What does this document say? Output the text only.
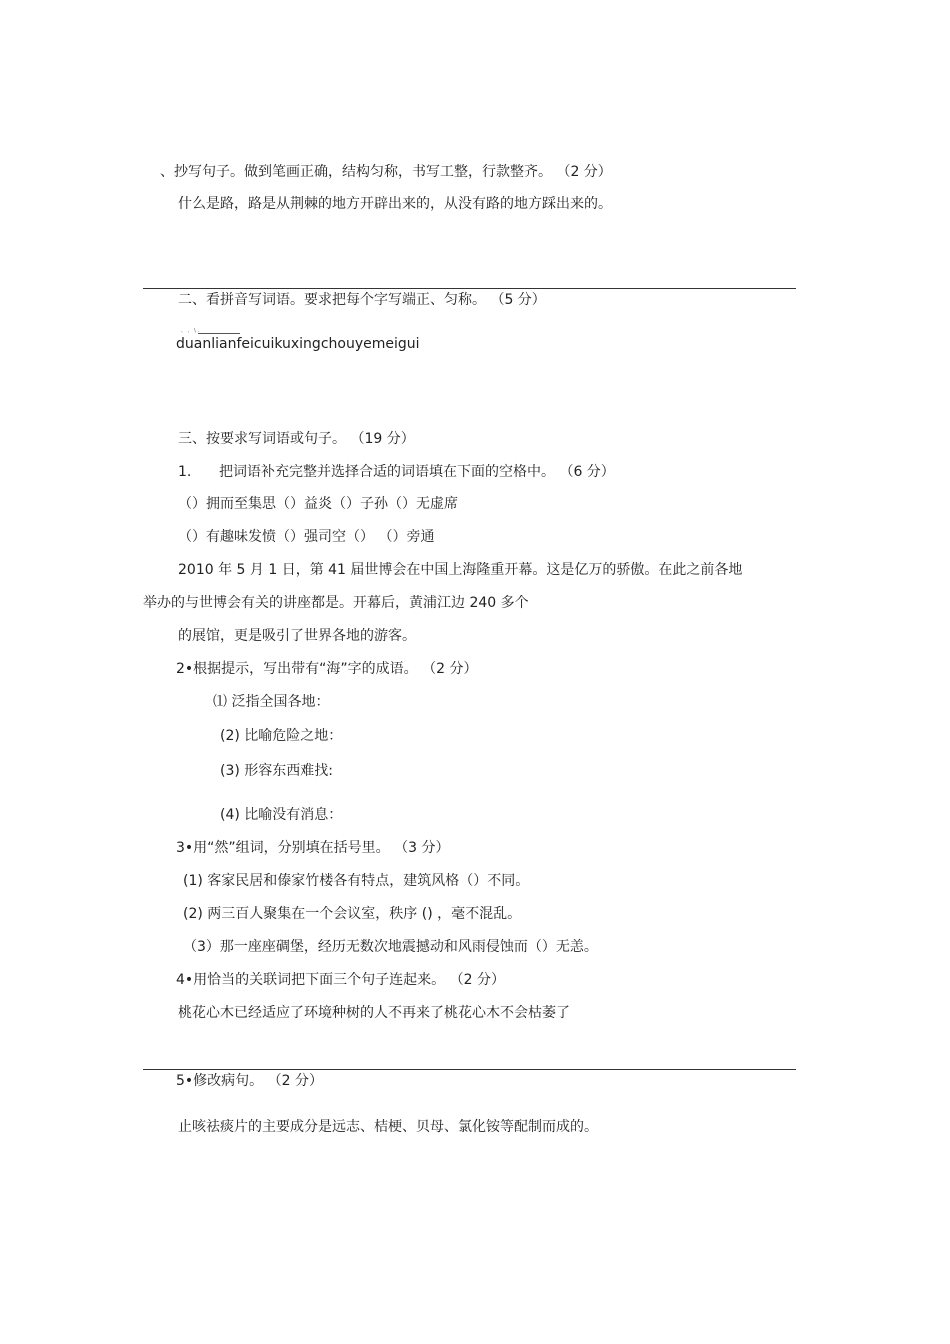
、抄写句子。做到笔画正确，结构匀称，书写工整，行款整齐。 （2 分）
什么是路，路是从荆棘的地方开辟出来的，从没有路的地方踩出来的。
二、看拼音写词语。要求把每个字写端正、匀称。 （5 分）
、 、 \ .
duanlianfeicuikuxingchouyemeigui
三、按要求写词语或句子。 （19 分）
1. 把词语补充完整并选择合适的词语填在下面的空格中。 （6 分）
（）拥而至集思（）益炎（）子孙（）无虚席
（）有趣味发愤（）强司空（） （）旁通
2010 年 5 月 1 日，第 41 届世博会在中国上海隆重开幕。这是亿万的骄傲。在此之前各地
举办的与世博会有关的讲座都是。开幕后，黄浦江边 240 多个
的展馆，更是吸引了世界各地的游客。
2•根据提示，写出带有“海”字的成语。 （2 分）
⑴ 泛指全国各地：
(2) 比喻危险之地：
(3) 形容东西难找:
(4) 比喻没有消息：
3•用“然”组词，分别填在括号里。 （3 分）
(1) 客家民居和傣家竹楼各有特点，建筑风格（）不同。
(2) 两三百人聚集在一个会议室，秩序 () ，毫不混乱。
（3）那一座座碉堡，经历无数次地震撼动和风雨侵蚀而（）无恙。
4•用恰当的关联词把下面三个句子连起来。 （2 分）
桃花心木已经适应了环境种树的人不再来了桃花心木不会枯萎了
5•修改病句。 （2 分）
止咳祛痰片的主要成分是远志、桔梗、贝母、氯化铵等配制而成的。
